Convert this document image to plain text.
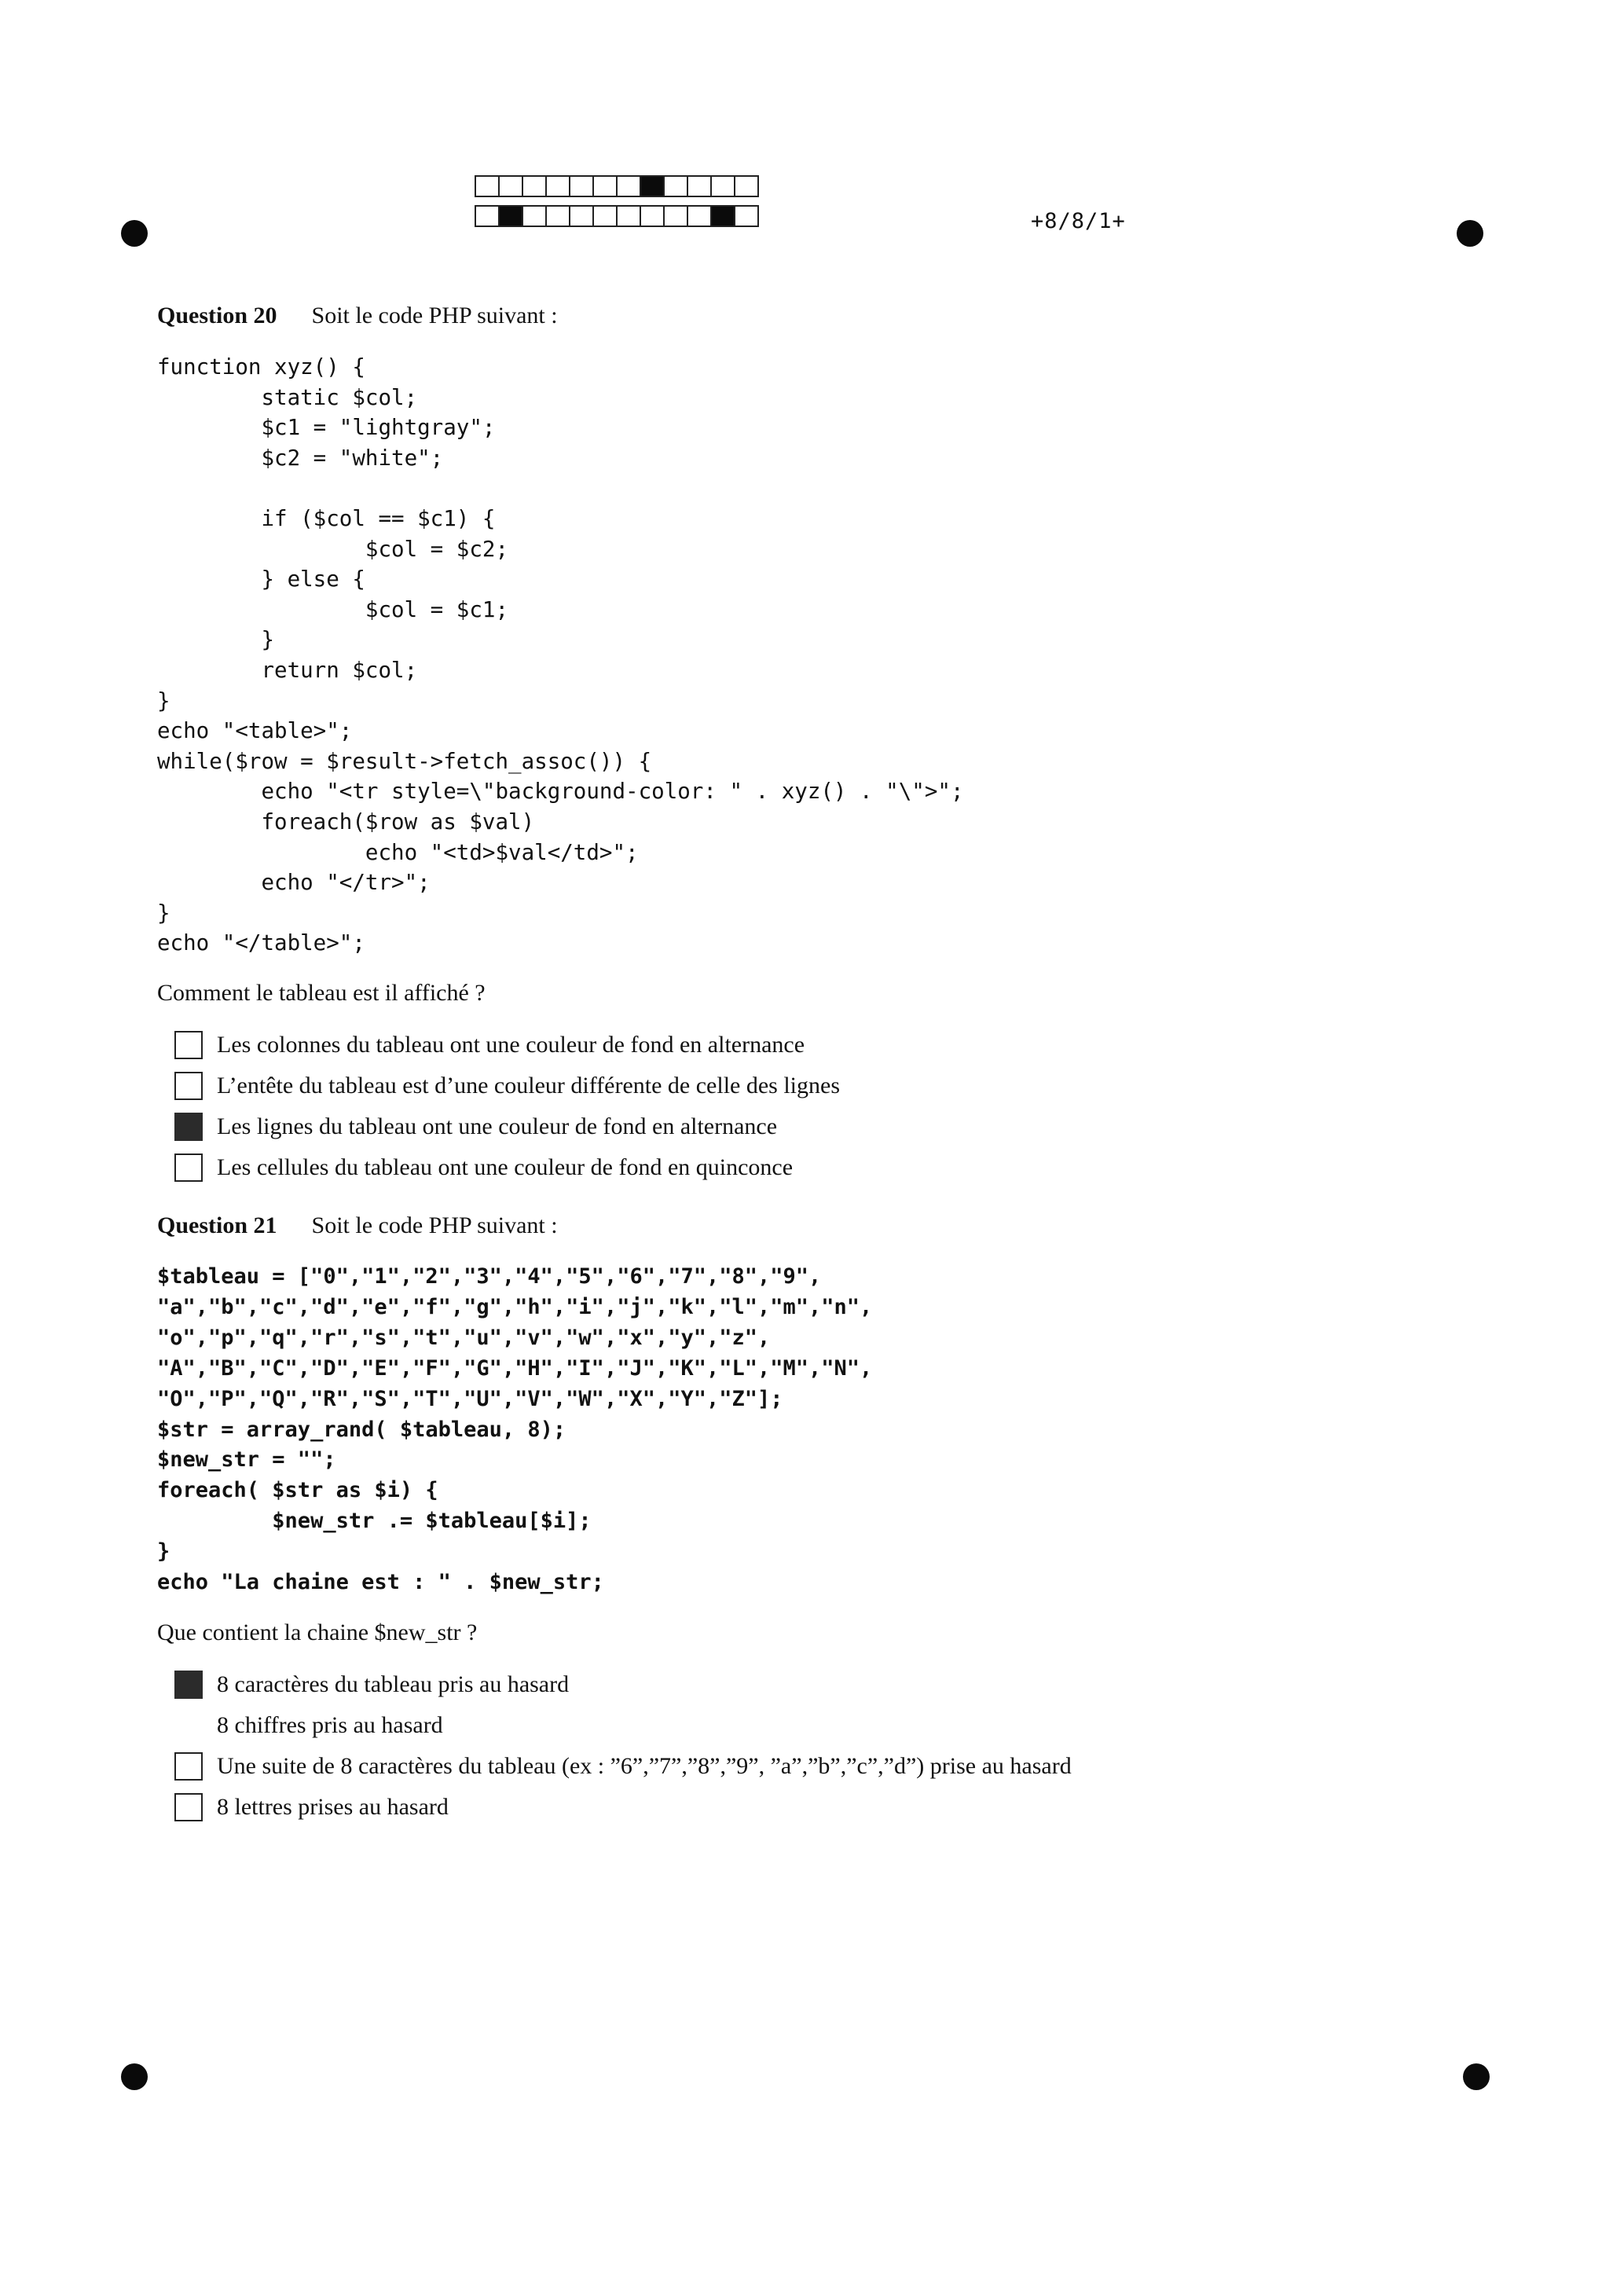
+8/8/1+
Question 20 Soit le code PHP suivant :
function xyz() {
static $col;
$c1 = "lightgray";
$c2 = "white";

if ($col == $c1) {
$col = $c2;
} else {
$col = $c1;
}
return $col;
}
echo "<table>";
while($row = $result->fetch_assoc()) {
echo "<tr style=\"background-color: " . xyz() . "\">";
foreach($row as $val)
echo "<td>$val</td>";
echo "</tr>";
}
echo "</table>";
Comment le tableau est il affiché ?
Les colonnes du tableau ont une couleur de fond en alternance
L’entête du tableau est d’une couleur différente de celle des lignes
Les lignes du tableau ont une couleur de fond en alternance
Les cellules du tableau ont une couleur de fond en quinconce
Question 21 Soit le code PHP suivant :
$tableau = ["0","1","2","3","4","5","6","7","8","9",
"a","b","c","d","e","f","g","h","i","j","k","l","m","n",
"o","p","q","r","s","t","u","v","w","x","y","z",
"A","B","C","D","E","F","G","H","I","J","K","L","M","N",
"O","P","Q","R","S","T","U","V","W","X","Y","Z"];
$str = array_rand( $tableau, 8);
$new_str = "";
foreach( $str as $i) {
$new_str .= $tableau[$i];
}
echo "La chaine est : " . $new_str;
Que contient la chaine $new_str ?
8 caractères du tableau pris au hasard
8 chiffres pris au hasard
Une suite de 8 caractères du tableau (ex : ”6”,”7”,”8”,”9”, ”a”,”b”,”c”,”d”) prise au hasard
8 lettres prises au hasard
